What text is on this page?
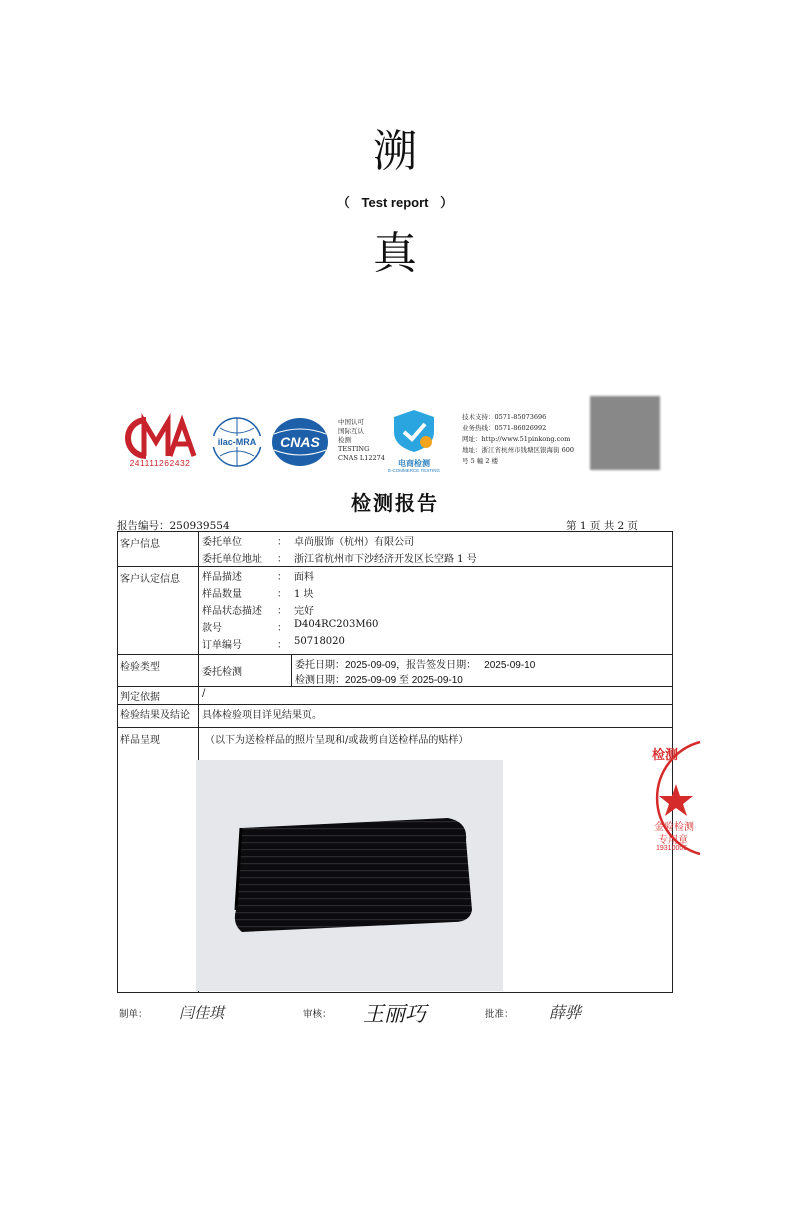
溯
（ Test report ）
真
241111262432
ilac-MRA CNAS
中国认可
国际互认
检测
TESTING
CNAS L12274	电商检测
E-COMMERCE TESTING
技术支持：0571-85073696
业务热线：0571-86026992
网址：http://www.51pinkong.com
地址：浙江省杭州市钱塘区银海街 600 号 5 幢 2 楼
检测报告
报告编号：250939554	第 1 页 共 2 页
客户信息		委托单位	：	卓尚服饰（杭州）有限公司
委托单位地址	：	浙江省杭州市下沙经济开发区长空路 1 号

客户认定信息	样品描述	：	面料
样品数量	：	1 块
样品状态描述	：	完好
款号	：	D404RC203M60
订单编号	：	50718020

检验类型	委托检测	
委托日期：2025-09-09，报告签发日期： 2025-09-10
检测日期：2025-09-09 至 2025-09-10

判定依据	/
检验结果及结论	具体检验项目详见结果页。
样品呈现	（以下为送检样品的照片呈现和/或裁剪自送检样品的贴样）
检测
金验检测
专用章
19310006
制单： 闫佳琪	审核： 王丽巧	批准： 薛骅
